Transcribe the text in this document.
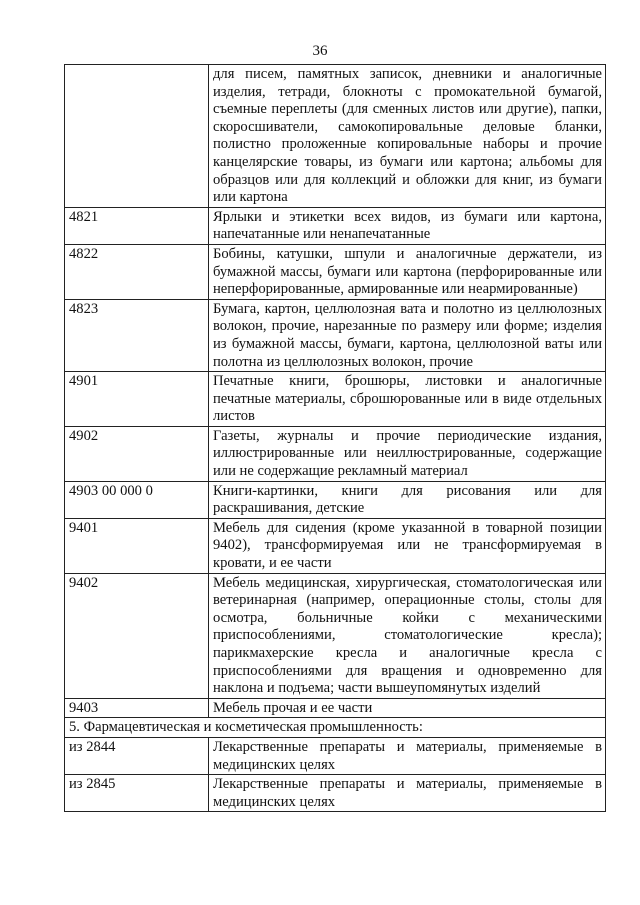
36
	для писем, памятных записок, дневники и аналогичные изделия, тетради, блокноты с промокательной бумагой, съемные переплеты (для сменных листов или другие), папки, скоросшиватели, самокопировальные деловые бланки, полистно проложенные копировальные наборы и прочие канцелярские товары, из бумаги или картона; альбомы для образцов или для коллекций и обложки для книг, из бумаги или картона
4821	Ярлыки и этикетки всех видов, из бумаги или картона, напечатанные или ненапечатанные
4822	Бобины, катушки, шпули и аналогичные держатели, из бумажной массы, бумаги или картона (перфорированные или неперфорированные, армированные или неармированные)
4823	Бумага, картон, целлюлозная вата и полотно из целлюлозных волокон, прочие, нарезанные по размеру или форме; изделия из бумажной массы, бумаги, картона, целлюлозной ваты или полотна из целлюлозных волокон, прочие
4901	Печатные книги, брошюры, листовки и аналогичные печатные материалы, сброшюрованные или в виде отдельных листов
4902	Газеты, журналы и прочие периодические издания, иллюстрированные или неиллюстрированные, содержащие или не содержащие рекламный материал
4903 00 000 0	Книги-картинки, книги для рисования или для раскрашивания, детские
9401	Мебель для сидения (кроме указанной в товарной позиции 9402), трансформируемая или не трансформируемая в кровати, и ее части
9402	Мебель медицинская, хирургическая, стоматологическая или ветеринарная (например, операционные столы, столы для осмотра, больничные койки с механическими приспособлениями, стоматологические кресла); парикмахерские кресла и аналогичные кресла с приспособлениями для вращения и одновременно для наклона и подъема; части вышеупомянутых изделий
9403	Мебель прочая и ее части
5. Фармацевтическая и косметическая промышленность:	
из 2844	Лекарственные препараты и материалы, применяемые в медицинских целях
из 2845	Лекарственные препараты и материалы, применяемые в медицинских целях
